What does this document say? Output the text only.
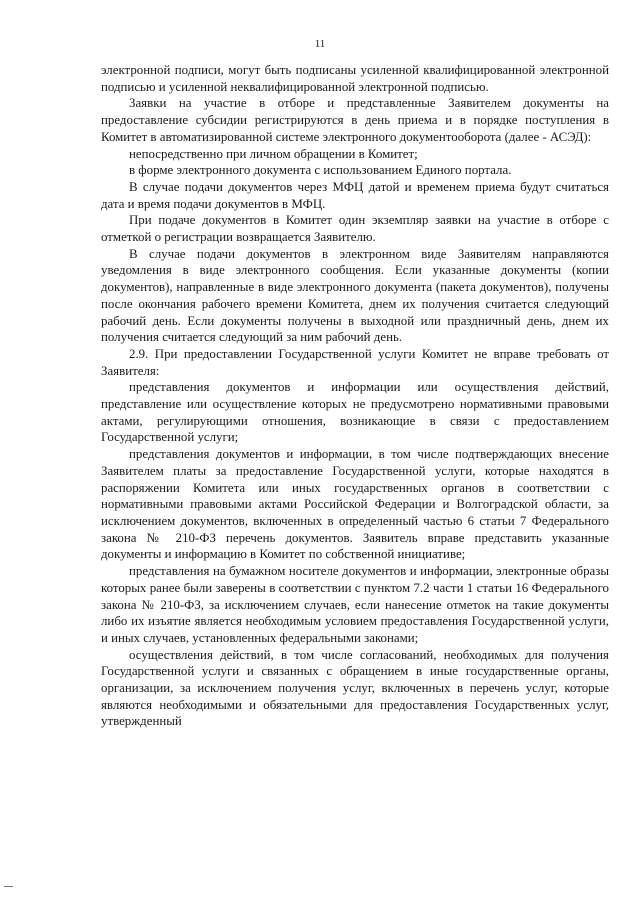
11

электронной подписи, могут быть подписаны усиленной квалифицированной электронной подписью и усиленной неквалифицированной электронной подписью.

Заявки на участие в отборе и представленные Заявителем документы на предоставление субсидии регистрируются в день приема и в порядке поступления в Комитет в автоматизированной системе электронного документооборота (далее - АСЭД):

непосредственно при личном обращении в Комитет;

в форме электронного документа с использованием Единого портала.

В случае подачи документов через МФЦ датой и временем приема будут считаться дата и время подачи документов в МФЦ.

При подаче документов в Комитет один экземпляр заявки на участие в отборе с отметкой о регистрации возвращается Заявителю.

В случае подачи документов в электронном виде Заявителям направляются уведомления в виде электронного сообщения. Если указанные документы (копии документов), направленные в виде электронного документа (пакета документов), получены после окончания рабочего времени Комитета, днем их получения считается следующий рабочий день. Если документы получены в выходной или праздничный день, днем их получения считается следующий за ним рабочий день.

2.9. При предоставлении Государственной услуги Комитет не вправе требовать от Заявителя:

представления документов и информации или осуществления действий, представление или осуществление которых не предусмотрено нормативными правовыми актами, регулирующими отношения, возникающие в связи с предоставлением Государственной услуги;

представления документов и информации, в том числе подтверждающих внесение Заявителем платы за предоставление Государственной услуги, которые находятся в распоряжении Комитета или иных государственных органов в соответствии с нормативными правовыми актами Российской Федерации и Волгоградской области, за исключением документов, включенных в определенный частью 6 статьи 7 Федерального закона № 210-ФЗ перечень документов. Заявитель вправе представить указанные документы и информацию в Комитет по собственной инициативе;

представления на бумажном носителе документов и информации, электронные образы которых ранее были заверены в соответствии с пунктом 7.2 части 1 статьи 16 Федерального закона № 210-ФЗ, за исключением случаев, если нанесение отметок на такие документы либо их изъятие является необходимым условием предоставления Государственной услуги, и иных случаев, установленных федеральными законами;

осуществления действий, в том числе согласований, необходимых для получения Государственной услуги и связанных с обращением в иные государственные органы, организации, за исключением получения услуг, включенных в перечень услуг, которые являются необходимыми и обязательными для предоставления Государственных услуг, утвержденный
